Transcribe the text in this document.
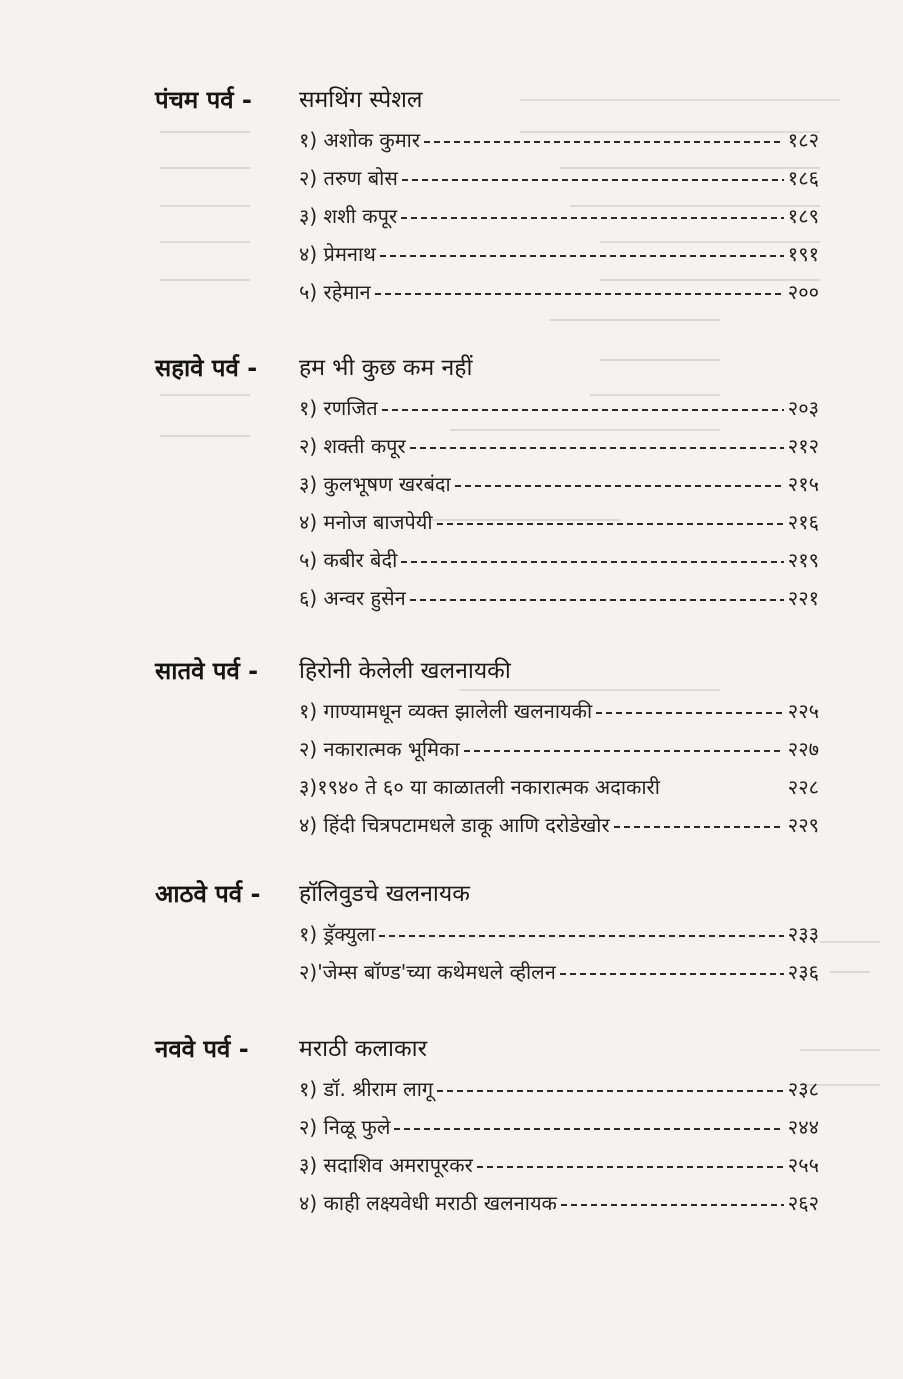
पंचम पर्व - समथिंग स्पेशल
१) अशोक कुमार	१८२
२) तरुण बोस	१८६
३) शशी कपूर	१८९
४) प्रेमनाथ	१९१
५) रहेमान	२००
सहावे पर्व - हम भी कुछ कम नहीं
१) रणजित	२०३
२) शक्ती कपूर	२१२
३) कुलभूषण खरबंदा	२१५
४) मनोज बाजपेयी	२१६
५) कबीर बेदी	२१९
६) अन्वर हुसेन	२२१
सातवे पर्व - हिरोनी केलेली खलनायकी
१) गाण्यामधून व्यक्त झालेली खलनायकी	२२५
२) नकारात्मक भूमिका	२२७
३)१९४० ते ६० या काळातली नकारात्मक अदाकारी	२२८
४) हिंदी चित्रपटामधले डाकू आणि दरोडेखोर	२२९
आठवे पर्व - हॉलिवुडचे खलनायक
१) ड्रॅक्युला	२३३
२)'जेम्स बॉण्ड'च्या कथेमधले व्हीलन	२३६
नववे पर्व - मराठी कलाकार
१) डॉ. श्रीराम लागू	२३८
२) निळू फुले	२४४
३) सदाशिव अमरापूरकर	२५५
४) काही लक्ष्यवेधी मराठी खलनायक	२६२
